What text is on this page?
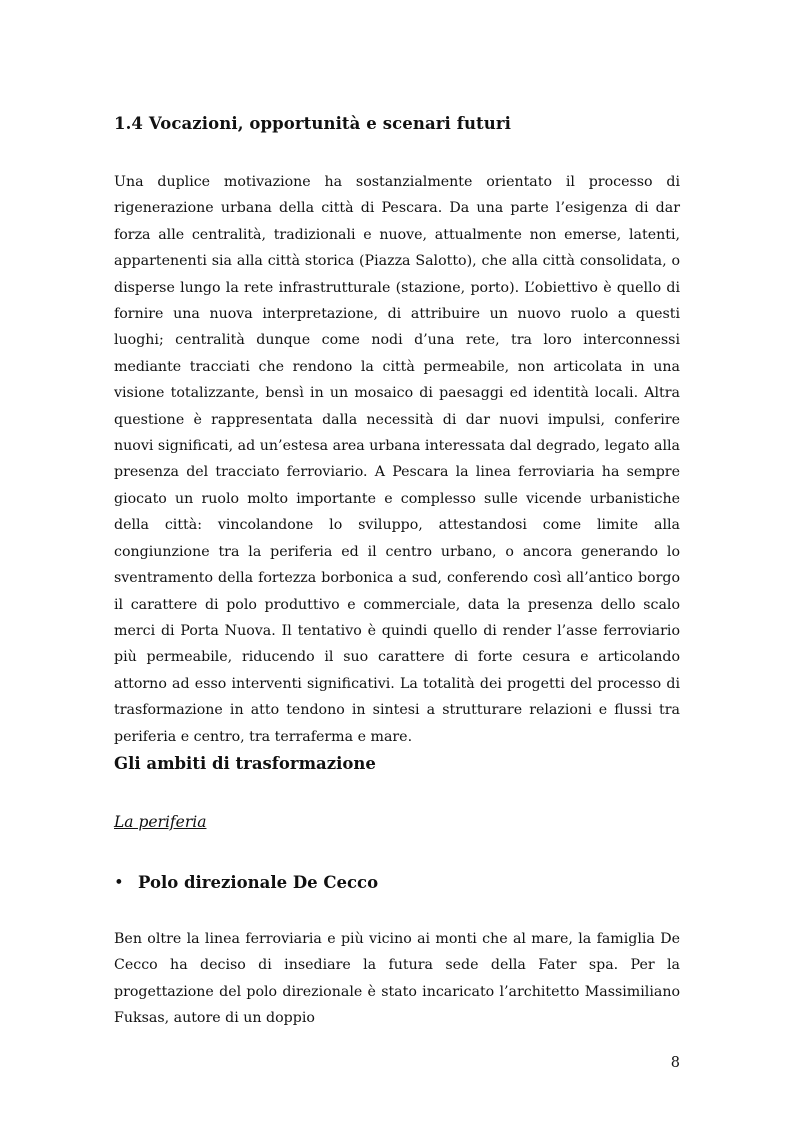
1.4 Vocazioni, opportunità e scenari futuri

Una duplice motivazione ha sostanzialmente orientato il processo di rigenerazione urbana della città di Pescara. Da una parte l’esigenza di dar forza alle centralità, tradizionali e nuove, attualmente non emerse, latenti, appartenenti sia alla città storica (Piazza Salotto), che alla città consolidata, o disperse lungo la rete infrastrutturale (stazione, porto). L’obiettivo è quello di fornire una nuova interpretazione, di attribuire un nuovo ruolo a questi luoghi; centralità dunque come nodi d’una rete, tra loro interconnessi mediante tracciati che rendono la città permeabile, non articolata in una visione totalizzante, bensì in un mosaico di paesaggi ed identità locali. Altra questione è rappresentata dalla necessità di dar nuovi impulsi, conferire nuovi significati, ad un’estesa area urbana interessata dal degrado, legato alla presenza del tracciato ferroviario. A Pescara la linea ferroviaria ha sempre giocato un ruolo molto importante e complesso sulle vicende urbanistiche della città: vincolandone lo sviluppo, attestandosi come limite alla congiunzione tra la periferia ed il centro urbano, o ancora generando lo sventramento della fortezza borbonica a sud, conferendo così all’antico borgo il carattere di polo produttivo e commerciale, data la presenza dello scalo merci di Porta Nuova. Il tentativo è quindi quello di render l’asse ferroviario più permeabile, riducendo il suo carattere di forte cesura e articolando attorno ad esso interventi significativi. La totalità dei progetti del processo di trasformazione in atto tendono in sintesi a strutturare relazioni e flussi tra periferia e centro, tra terraferma e mare.

Gli ambiti di trasformazione

La periferia

• Polo direzionale De Cecco

Ben oltre la linea ferroviaria e più vicino ai monti che al mare, la famiglia De Cecco ha deciso di insediare la futura sede della Fater spa. Per la progettazione del polo direzionale è stato incaricato l’architetto Massimiliano Fuksas, autore di un doppio

8
